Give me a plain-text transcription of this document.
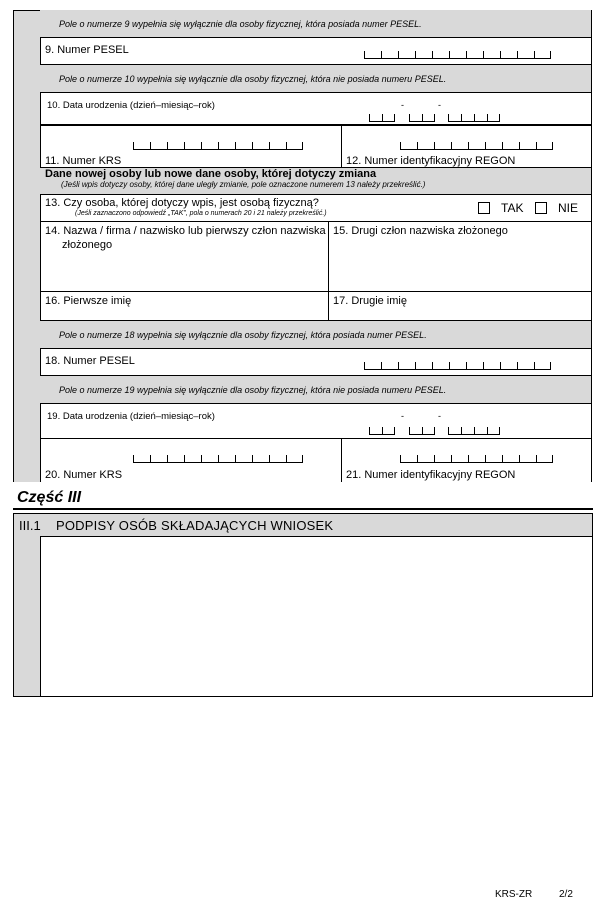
Pole o numerze 9 wypełnia się wyłącznie dla osoby fizycznej, która posiada numer PESEL.
9. Numer PESEL
Pole o numerze 10 wypełnia się wyłącznie dla osoby fizycznej, która nie posiada numeru PESEL.
10. Data urodzenia (dzień–miesiąc–rok)	-	-
11. Numer KRS	12. Numer identyfikacyjny REGON
Dane nowej osoby lub nowe dane osoby, której dotyczy zmiana
(Jeśli wpis dotyczy osoby, której dane uległy zmianie, pole oznaczone numerem 13 należy przekreślić.)
13. Czy osoba, której dotyczy wpis, jest osobą fizyczną?
(Jeśli zaznaczono odpowiedź „TAK”, pola o numerach 20 i 21 należy przekreślić.)	TAK	NIE
14. Nazwa / firma / nazwisko lub pierwszy człon nazwiska
złożonego
15. Drugi człon nazwiska złożonego
16. Pierwsze imię	17. Drugie imię
Pole o numerze 18 wypełnia się wyłącznie dla osoby fizycznej, która posiada numer PESEL.
18. Numer PESEL
Pole o numerze 19 wypełnia się wyłącznie dla osoby fizycznej, która nie posiada numeru PESEL.
19. Data urodzenia (dzień–miesiąc–rok)	-	-
20. Numer KRS	21. Numer identyfikacyjny REGON
Część III
III.1 PODPISY OSÓB SKŁADAJĄCYCH WNIOSEK
KRS-ZR	2/2
